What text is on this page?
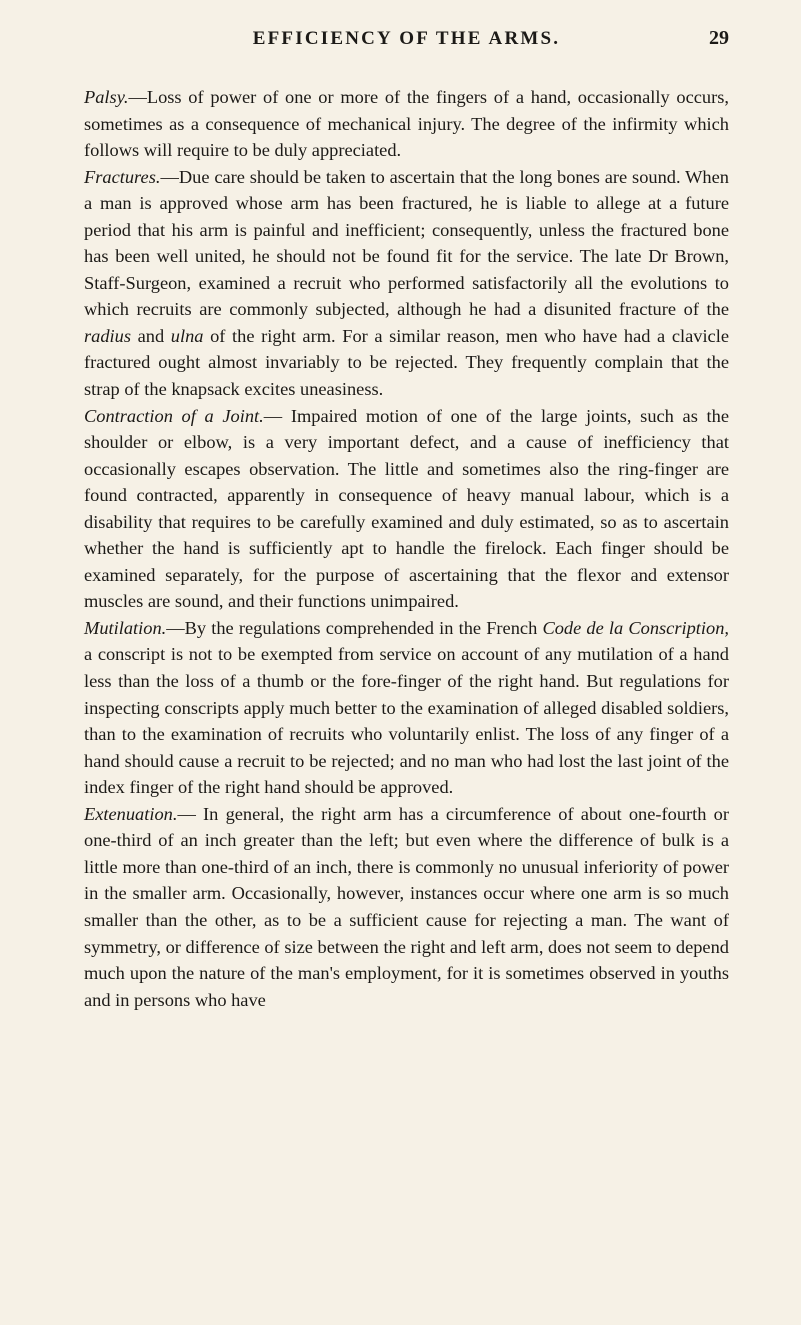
EFFICIENCY OF THE ARMS.	29

Palsy.—Loss of power of one or more of the fingers of a hand, occasionally occurs, sometimes as a consequence of mechanical injury. The degree of the infirmity which follows will require to be duly appreciated.

Fractures.—Due care should be taken to ascertain that the long bones are sound. When a man is approved whose arm has been fractured, he is liable to allege at a future period that his arm is painful and inefficient; consequently, unless the fractured bone has been well united, he should not be found fit for the service. The late Dr Brown, Staff-Surgeon, examined a recruit who performed satisfactorily all the evolutions to which recruits are commonly subjected, although he had a disunited fracture of the radius and ulna of the right arm. For a similar reason, men who have had a clavicle fractured ought almost invariably to be rejected. They frequently complain that the strap of the knapsack excites uneasiness.

Contraction of a Joint.— Impaired motion of one of the large joints, such as the shoulder or elbow, is a very important defect, and a cause of inefficiency that occasionally escapes observation. The little and sometimes also the ring-finger are found contracted, apparently in consequence of heavy manual labour, which is a disability that requires to be carefully examined and duly estimated, so as to ascertain whether the hand is sufficiently apt to handle the firelock. Each finger should be examined separately, for the purpose of ascertaining that the flexor and extensor muscles are sound, and their functions unimpaired.

Mutilation.—By the regulations comprehended in the French Code de la Conscription, a conscript is not to be exempted from service on account of any mutilation of a hand less than the loss of a thumb or the fore-finger of the right hand. But regulations for inspecting conscripts apply much better to the examination of alleged disabled soldiers, than to the examination of recruits who voluntarily enlist. The loss of any finger of a hand should cause a recruit to be rejected; and no man who had lost the last joint of the index finger of the right hand should be approved.

Extenuation.— In general, the right arm has a circumference of about one-fourth or one-third of an inch greater than the left; but even where the difference of bulk is a little more than one-third of an inch, there is commonly no unusual inferiority of power in the smaller arm. Occasionally, however, instances occur where one arm is so much smaller than the other, as to be a sufficient cause for rejecting a man. The want of symmetry, or difference of size between the right and left arm, does not seem to depend much upon the nature of the man's employment, for it is sometimes observed in youths and in persons who have
